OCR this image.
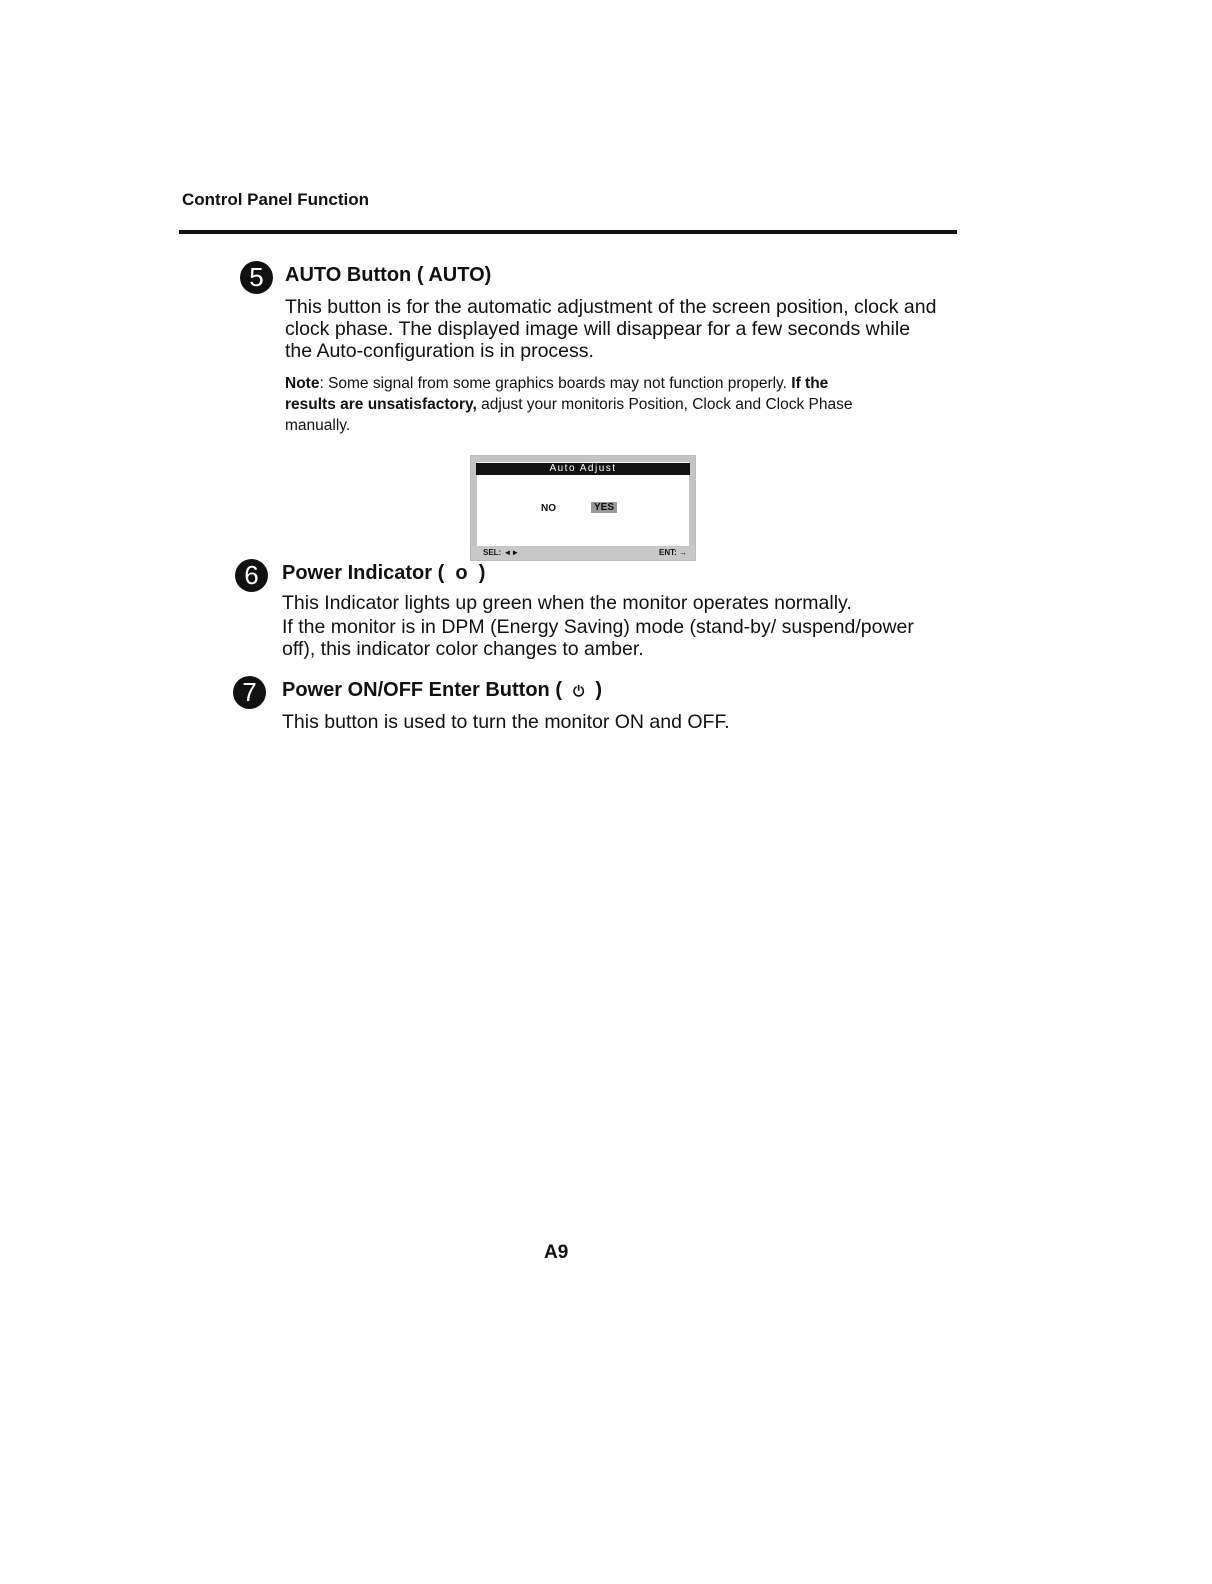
Control Panel Function
5	AUTO Button ( AUTO)
This button is for the automatic adjustment of the screen position, clock and
clock phase. The displayed image will disappear for a few seconds while
the Auto-configuration is in process.
Note: Some signal from some graphics boards may not function properly. If the
results are unsatisfactory, adjust your monitoris Position, Clock and Clock Phase
manually.
Auto Adjust
NO	YES
SEL: ◄►	ENT: →
6	Power Indicator ( o )
This Indicator lights up green when the monitor operates normally.
If the monitor is in DPM (Energy Saving) mode (stand-by/ suspend/power
off), this indicator color changes to amber.
7	Power ON/OFF Enter Button ( ⏻ )
This button is used to turn the monitor ON and OFF.
A9
